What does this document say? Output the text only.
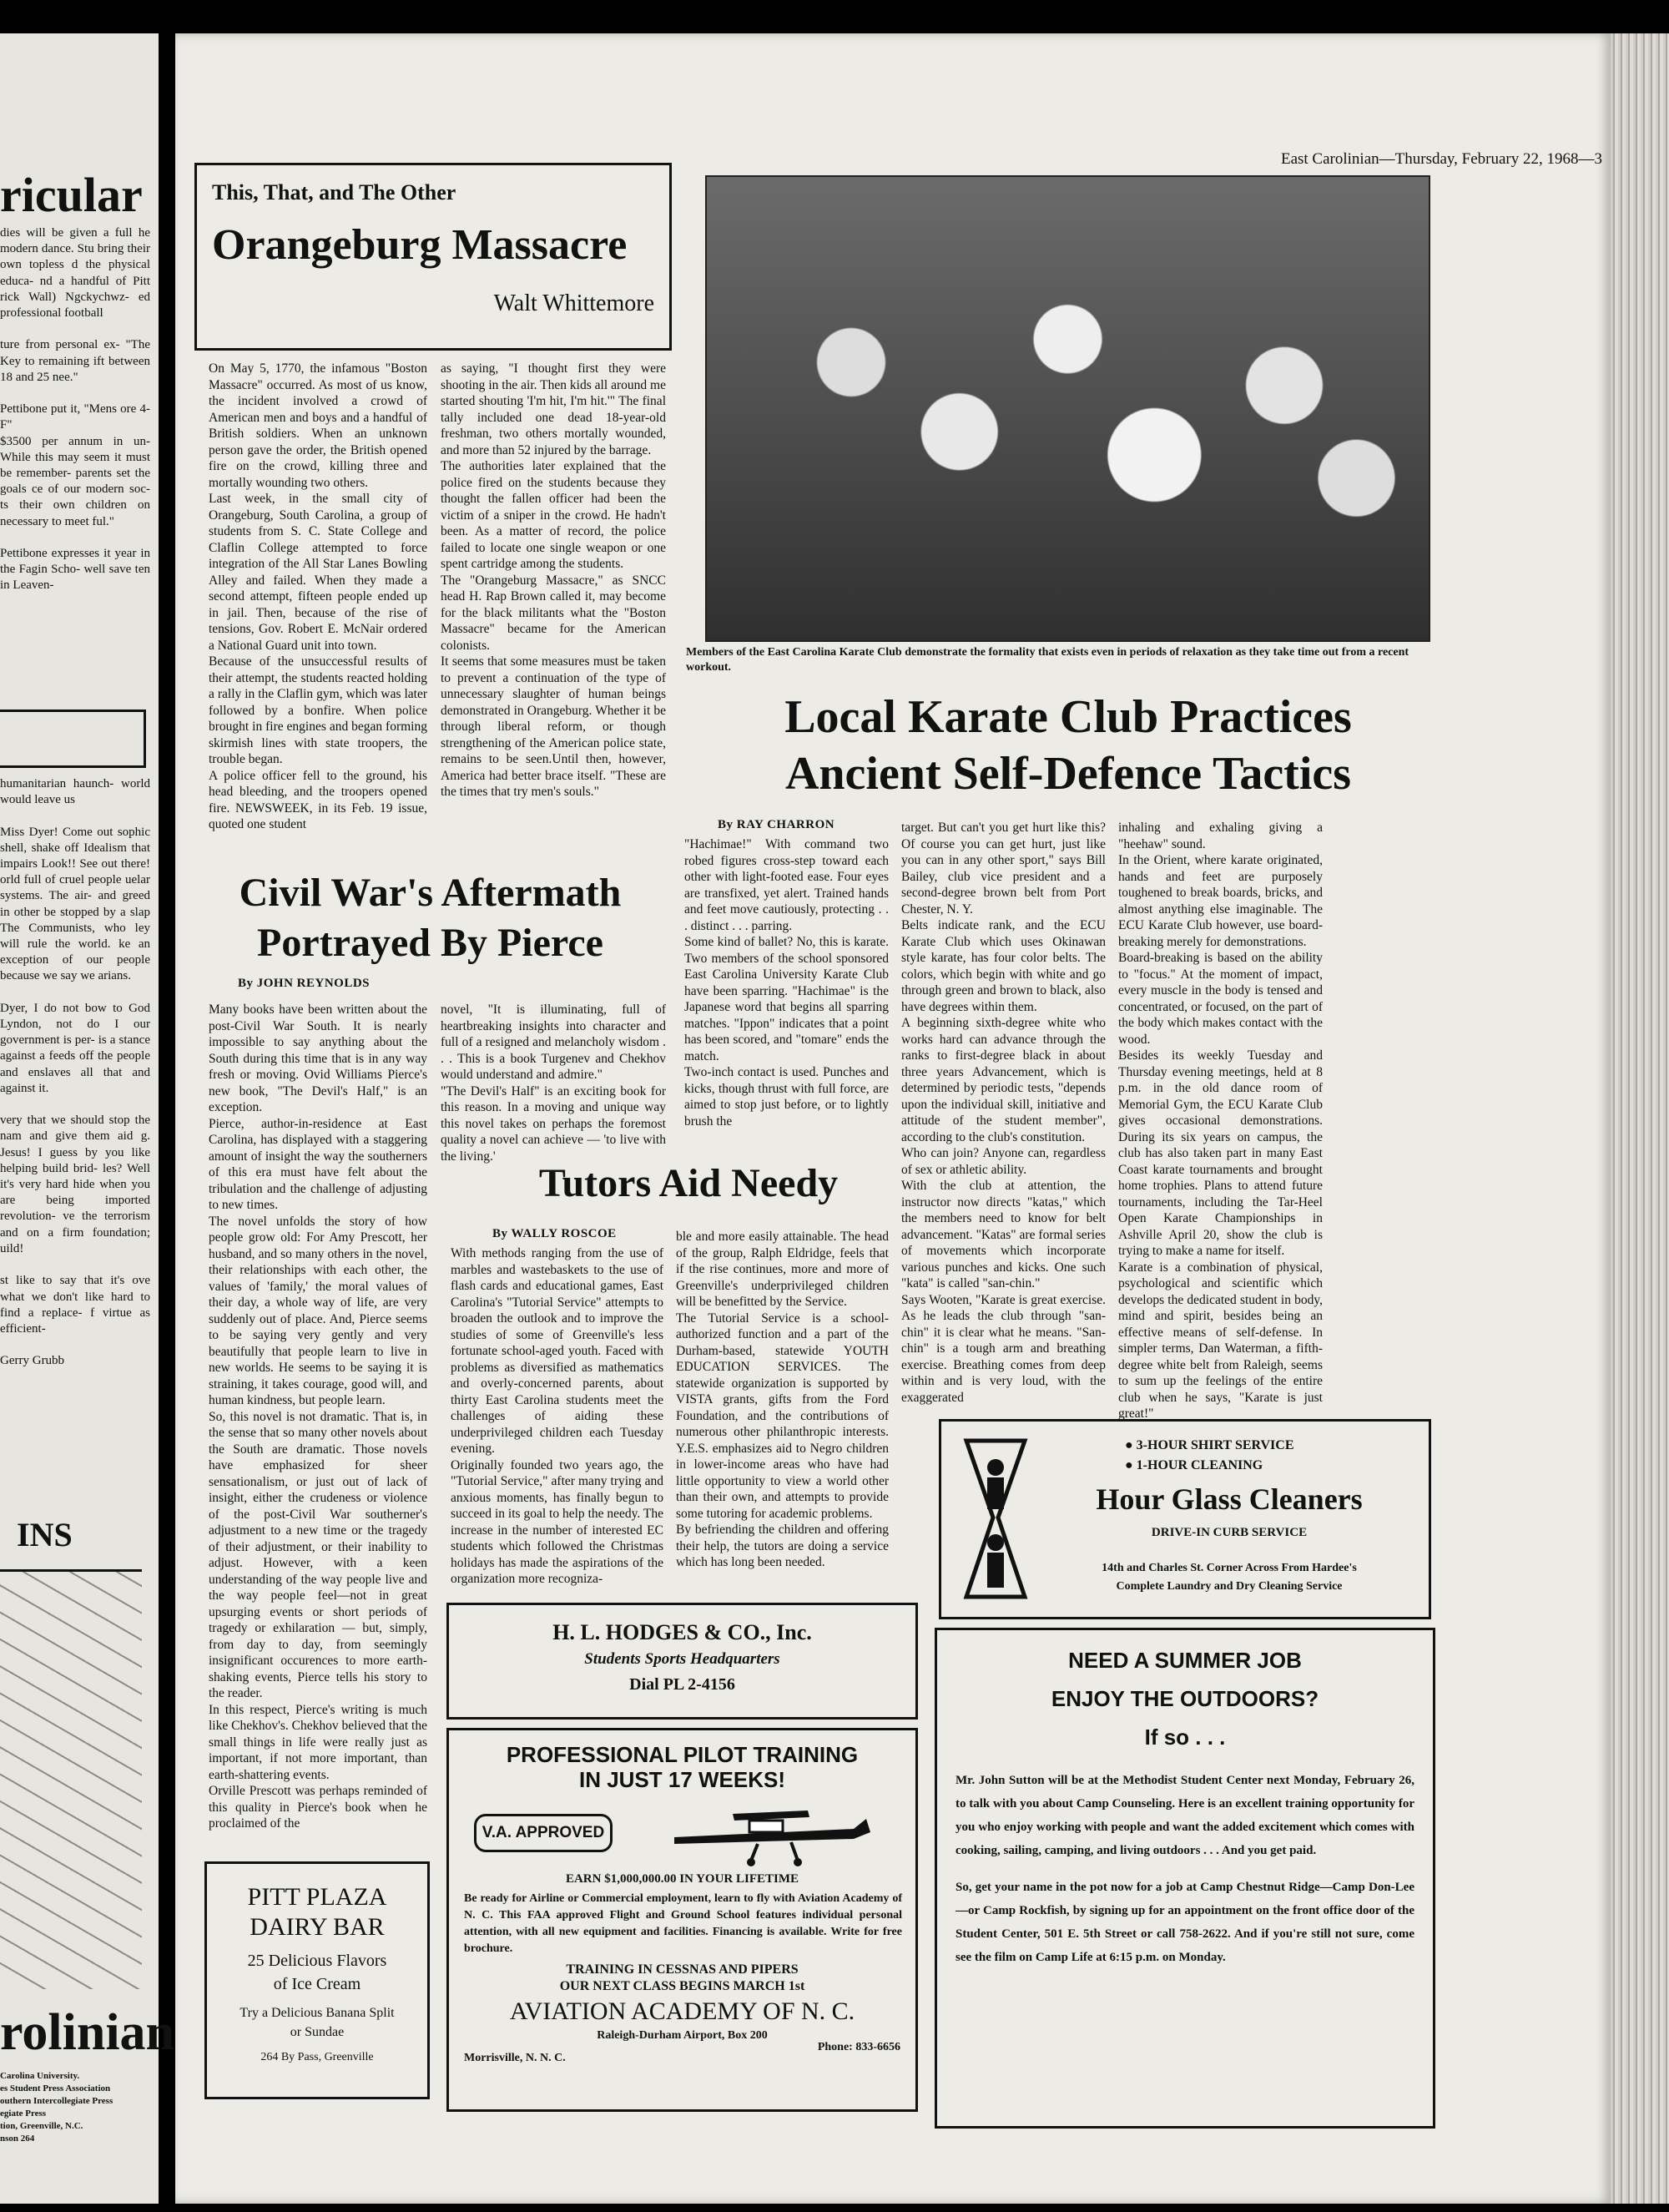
ricular
dies will be given a full he modern dance. Stu bring their own topless d the physical educa- nd a handful of Pitt rick Wall) Ngckychwz- ed professional football

ture from personal ex- "The Key to remaining ift between 18 and 25 nee."

Pettibone put it, "Mens ore 4-F"
$3500 per annum in un- While this may seem it must be remember- parents set the goals ce of our modern soc- ts their own children on necessary to meet ful."

Pettibone expresses it year in the Fagin Scho- well save ten in Leaven-
humanitarian haunch- world would leave us

Miss Dyer! Come out sophic shell, shake off Idealism that impairs Look!! See out there! orld full of cruel people uelar systems. The air- and greed in other be stopped by a slap The Communists, who ley will rule the world. ke an exception of our people because we say we arians.

Dyer, I do not bow to God Lyndon, not do I our government is per- is a stance against a feeds off the people and enslaves all that and against it.

very that we should stop the nam and give them aid g. Jesus! I guess by you like helping build brid- les? Well it's very hard hide when you are being imported revolution- ve the terrorism and on a firm foundation; uild!

st like to say that it's ove what we don't like hard to find a replace- f virtue as efficient-

Gerry Grubb
INS
rolinian
Carolina University.
es Student Press Association
outhern Intercollegiate Press
egiate Press
tion, Greenville, N.C.
nson 264
East Carolinian—Thursday, February 22, 1968—3
This, That, and The Other
Orangeburg Massacre
Walt Whittemore
On May 5, 1770, the infamous "Boston Massacre" occurred. As most of us know, the incident involved a crowd of American men and boys and a handful of British soldiers. When an unknown person gave the order, the British opened fire on the crowd, killing three and mortally wounding two others.
Last week, in the small city of Orangeburg, South Carolina, a group of students from S. C. State College and Claflin College attempted to force integration of the All Star Lanes Bowling Alley and failed. When they made a second attempt, fifteen people ended up in jail. Then, because of the rise of tensions, Gov. Robert E. McNair ordered a National Guard unit into town.
Because of the unsuccessful results of their attempt, the students reacted holding a rally in the Claflin gym, which was later followed by a bonfire. When police brought in fire engines and began forming skirmish lines with state troopers, the trouble began.
A police officer fell to the ground, his head bleeding, and the troopers opened fire. NEWSWEEK, in its Feb. 19 issue, quoted one student
as saying, "I thought first they were shooting in the air. Then kids all around me started shouting 'I'm hit, I'm hit.'" The final tally included one dead 18-year-old freshman, two others mortally wounded, and more than 52 injured by the barrage.
The authorities later explained that the police fired on the students because they thought the fallen officer had been the victim of a sniper in the crowd. He hadn't been. As a matter of record, the police failed to locate one single weapon or one spent cartridge among the students.
The "Orangeburg Massacre," as SNCC head H. Rap Brown called it, may become for the black militants what the "Boston Massacre" became for the American colonists.
It seems that some measures must be taken to prevent a continuation of the type of unnecessary slaughter of human beings demonstrated in Orangeburg. Whether it be through liberal reform, or though strengthening of the American police state, remains to be seen.Until then, however, America had better brace itself. "These are the times that try men's souls."
Civil War's Aftermath
Portrayed By Pierce
By JOHN REYNOLDS
Many books have been written about the post-Civil War South. It is nearly impossible to say anything about the South during this time that is in any way fresh or moving. Ovid Williams Pierce's new book, "The Devil's Half," is an exception.
Pierce, author-in-residence at East Carolina, has displayed with a staggering amount of insight the way the southerners of this era must have felt about the tribulation and the challenge of adjusting to new times.
The novel unfolds the story of how people grow old: For Amy Prescott, her husband, and so many others in the novel, their relationships with each other, the values of 'family,' the moral values of their day, a whole way of life, are very suddenly out of place. And, Pierce seems to be saying very gently and very beautifully that people learn to live in new worlds. He seems to be saying it is straining, it takes courage, good will, and human kindness, but people learn.
So, this novel is not dramatic. That is, in the sense that so many other novels about the South are dramatic. Those novels have emphasized for sheer sensationalism, or just out of lack of insight, either the crudeness or violence of the post-Civil War southerner's adjustment to a new time or the tragedy of their adjustment, or their inability to adjust. However, with a keen understanding of the way people live and the way people feel—not in great upsurging events or short periods of tragedy or exhilaration — but, simply, from day to day, from seemingly insignificant occurences to more earth-shaking events, Pierce tells his story to the reader.
In this respect, Pierce's writing is much like Chekhov's. Chekhov believed that the small things in life were really just as important, if not more important, than earth-shattering events.
Orville Prescott was perhaps reminded of this quality in Pierce's book when he proclaimed of the
novel, "It is illuminating, full of heartbreaking insights into character and full of a resigned and melancholy wisdom . . . This is a book Turgenev and Chekhov would understand and admire."
"The Devil's Half" is an exciting book for this reason. In a moving and unique way this novel takes on perhaps the foremost quality a novel can achieve — 'to live with the living.'
PITT PLAZA
DAIRY BAR
25 Delicious Flavors
of Ice Cream
Try a Delicious Banana Split
or Sundae
264 By Pass, Greenville
Members of the East Carolina Karate Club demonstrate the formality that exists even in periods of relaxation as they take time out from a recent workout.
Local Karate Club Practices
Ancient Self-Defence Tactics
By RAY CHARRON
"Hachimae!" With command two robed figures cross-step toward each other with light-footed ease. Four eyes are transfixed, yet alert. Trained hands and feet move cautiously, protecting . . . distinct . . . parring.
Some kind of ballet? No, this is karate. Two members of the school sponsored East Carolina University Karate Club have been sparring. "Hachimae" is the Japanese word that begins all sparring matches. "Ippon" indicates that a point has been scored, and "tomare" ends the match.
Two-inch contact is used. Punches and kicks, though thrust with full force, are aimed to stop just before, or to lightly brush the
target. But can't you get hurt like this? Of course you can get hurt, just like you can in any other sport," says Bill Bailey, club vice president and a second-degree brown belt from Port Chester, N. Y.
Belts indicate rank, and the ECU Karate Club which uses Okinawan style karate, has four color belts. The colors, which begin with white and go through green and brown to black, also have degrees within them.
A beginning sixth-degree white who works hard can advance through the ranks to first-degree black in about three years Advancement, which is determined by periodic tests, "depends upon the individual skill, initiative and attitude of the student member", according to the club's constitution.
Who can join? Anyone can, regardless of sex or athletic ability.
With the club at attention, the instructor now directs "katas," which the members need to know for belt advancement. "Katas" are formal series of movements which incorporate various punches and kicks. One such "kata" is called "san-chin."
Says Wooten, "Karate is great exercise. As he leads the club through "san-chin" it is clear what he means. "San-chin" is a tough arm and breathing exercise. Breathing comes from deep within and is very loud, with the exaggerated
inhaling and exhaling giving a "heehaw" sound.
In the Orient, where karate originated, hands and feet are purposely toughened to break boards, bricks, and almost anything else imaginable. The ECU Karate Club however, use board-breaking merely for demonstrations.
Board-breaking is based on the ability to "focus." At the moment of impact, every muscle in the body is tensed and concentrated, or focused, on the part of the body which makes contact with the wood.
Besides its weekly Tuesday and Thursday evening meetings, held at 8 p.m. in the old dance room of Memorial Gym, the ECU Karate Club gives occasional demonstrations. During its six years on campus, the club has also taken part in many East Coast karate tournaments and brought home trophies. Plans to attend future tournaments, including the Tar-Heel Open Karate Championships in Ashville April 20, show the club is trying to make a name for itself.
Karate is a combination of physical, psychological and scientific which develops the dedicated student in body, mind and spirit, besides being an effective means of self-defense. In simpler terms, Dan Waterman, a fifth-degree white belt from Raleigh, seems to sum up the feelings of the entire club when he says, "Karate is just great!"
Tutors Aid Needy
By WALLY ROSCOE
With methods ranging from the use of marbles and wastebaskets to the use of flash cards and educational games, East Carolina's "Tutorial Service" attempts to broaden the outlook and to improve the studies of some of Greenville's less fortunate school-aged youth. Faced with problems as diversified as mathematics and overly-concerned parents, about thirty East Carolina students meet the challenges of aiding these underprivileged children each Tuesday evening.
Originally founded two years ago, the "Tutorial Service," after many trying and anxious moments, has finally begun to succeed in its goal to help the needy. The increase in the number of interested EC students which followed the Christmas holidays has made the aspirations of the organization more recogniza-
ble and more easily attainable. The head of the group, Ralph Eldridge, feels that if the rise continues, more and more of Greenville's underprivileged children will be benefitted by the Service.
The Tutorial Service is a school-authorized function and a part of the Durham-based, statewide YOUTH EDUCATION SERVICES. The statewide organization is supported by VISTA grants, gifts from the Ford Foundation, and the contributions of numerous other philanthropic interests. Y.E.S. emphasizes aid to Negro children in lower-income areas who have had little opportunity to view a world other than their own, and attempts to provide some tutoring for academic problems.
By befriending the children and offering their help, the tutors are doing a service which has long been needed.
● 3-HOUR SHIRT SERVICE
● 1-HOUR CLEANING
Hour Glass Cleaners
DRIVE-IN CURB SERVICE
14th and Charles St. Corner Across From Hardee's
Complete Laundry and Dry Cleaning Service
NEED A SUMMER JOB
ENJOY THE OUTDOORS?
If so . . .
Mr. John Sutton will be at the Methodist Student Center next Monday, February 26, to talk with you about Camp Counseling. Here is an excellent training opportunity for you who enjoy working with people and want the added excitement which comes with cooking, sailing, camping, and living outdoors . . . And you get paid.
So, get your name in the pot now for a job at Camp Chestnut Ridge—Camp Don-Lee—or Camp Rockfish, by signing up for an appointment on the front office door of the Student Center, 501 E. 5th Street or call 758-2622. And if you're still not sure, come see the film on Camp Life at 6:15 p.m. on Monday.
H. L. HODGES & CO., Inc.
Students Sports Headquarters
Dial PL 2-4156
PROFESSIONAL PILOT TRAINING
IN JUST 17 WEEKS!
V.A. APPROVED
EARN $1,000,000.00 IN YOUR LIFETIME
Be ready for Airline or Commercial employment, learn to fly with Aviation Academy of N. C. This FAA approved Flight and Ground School features individual personal attention, with all new equipment and facilities. Financing is available. Write for free brochure.
TRAINING IN CESSNAS AND PIPERS
OUR NEXT CLASS BEGINS MARCH 1st
AVIATION ACADEMY OF N. C.
Raleigh-Durham Airport, Box 200
Morrisville, N. N. C.
Phone: 833-6656
